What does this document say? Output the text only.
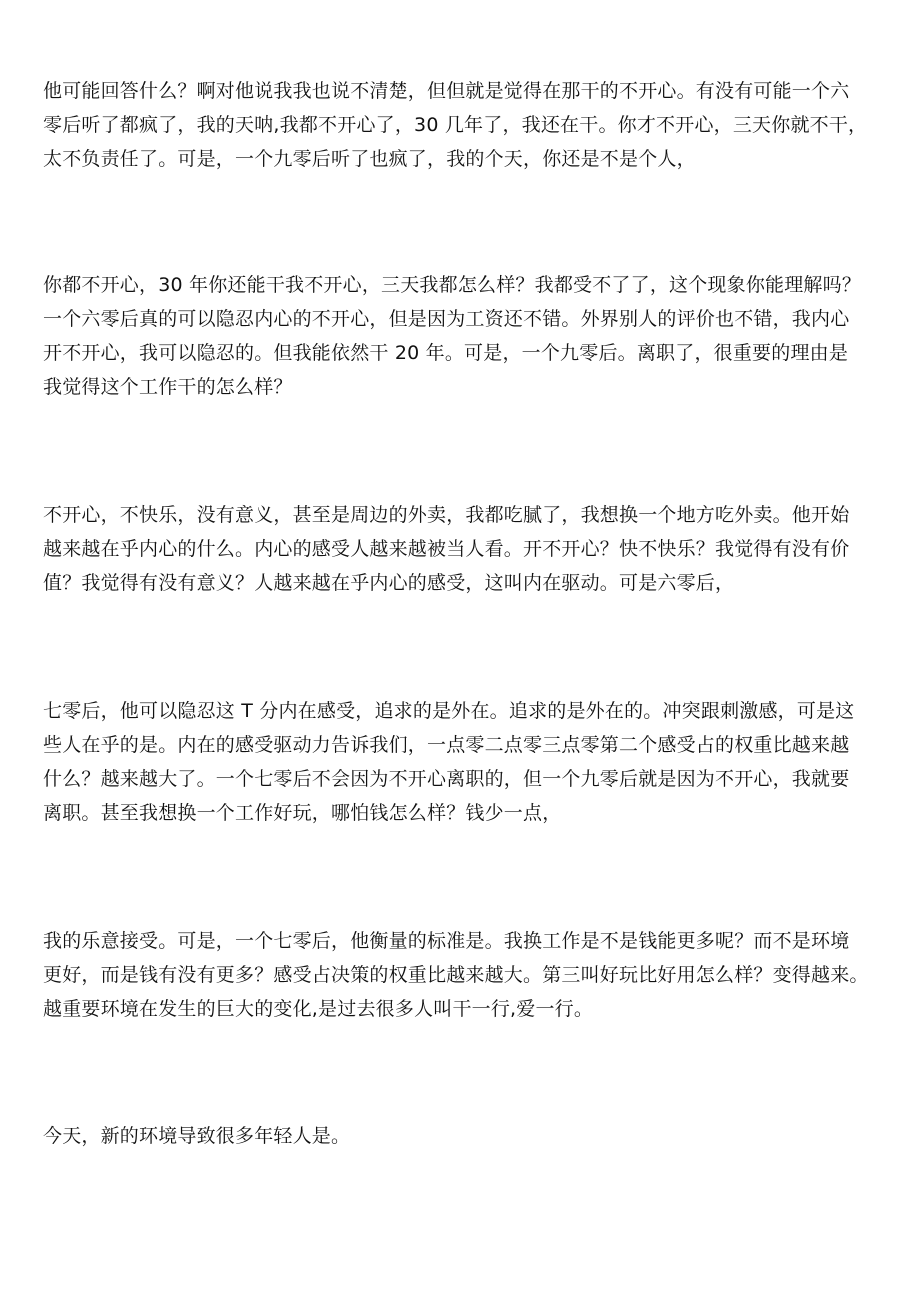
他可能回答什么？啊对他说我我也说不清楚，但但就是觉得在那干的不开心。有没有可能一个六
零后听了都疯了，我的天呐,我都不开心了，30 几年了，我还在干。你才不开心，三天你就不干，
太不负责任了。可是，一个九零后听了也疯了，我的个天，你还是不是个人，

你都不开心，30 年你还能干我不开心，三天我都怎么样？我都受不了了，这个现象你能理解吗？
一个六零后真的可以隐忍内心的不开心，但是因为工资还不错。外界别人的评价也不错，我内心
开不开心，我可以隐忍的。但我能依然干 20 年。可是，一个九零后。离职了，很重要的理由是
我觉得这个工作干的怎么样？

不开心，不快乐，没有意义，甚至是周边的外卖，我都吃腻了，我想换一个地方吃外卖。他开始
越来越在乎内心的什么。内心的感受人越来越被当人看。开不开心？快不快乐？我觉得有没有价
值？我觉得有没有意义？人越来越在乎内心的感受，这叫内在驱动。可是六零后，

七零后，他可以隐忍这 T 分内在感受，追求的是外在。追求的是外在的。冲突跟刺激感，可是这
些人在乎的是。内在的感受驱动力告诉我们，一点零二点零三点零第二个感受占的权重比越来越
什么？越来越大了。一个七零后不会因为不开心离职的，但一个九零后就是因为不开心，我就要
离职。甚至我想换一个工作好玩，哪怕钱怎么样？钱少一点，

我的乐意接受。可是，一个七零后，他衡量的标准是。我换工作是不是钱能更多呢？而不是环境
更好，而是钱有没有更多？感受占决策的权重比越来越大。第三叫好玩比好用怎么样？变得越来。
越重要环境在发生的巨大的变化,是过去很多人叫干一行,爱一行。

今天，新的环境导致很多年轻人是。
